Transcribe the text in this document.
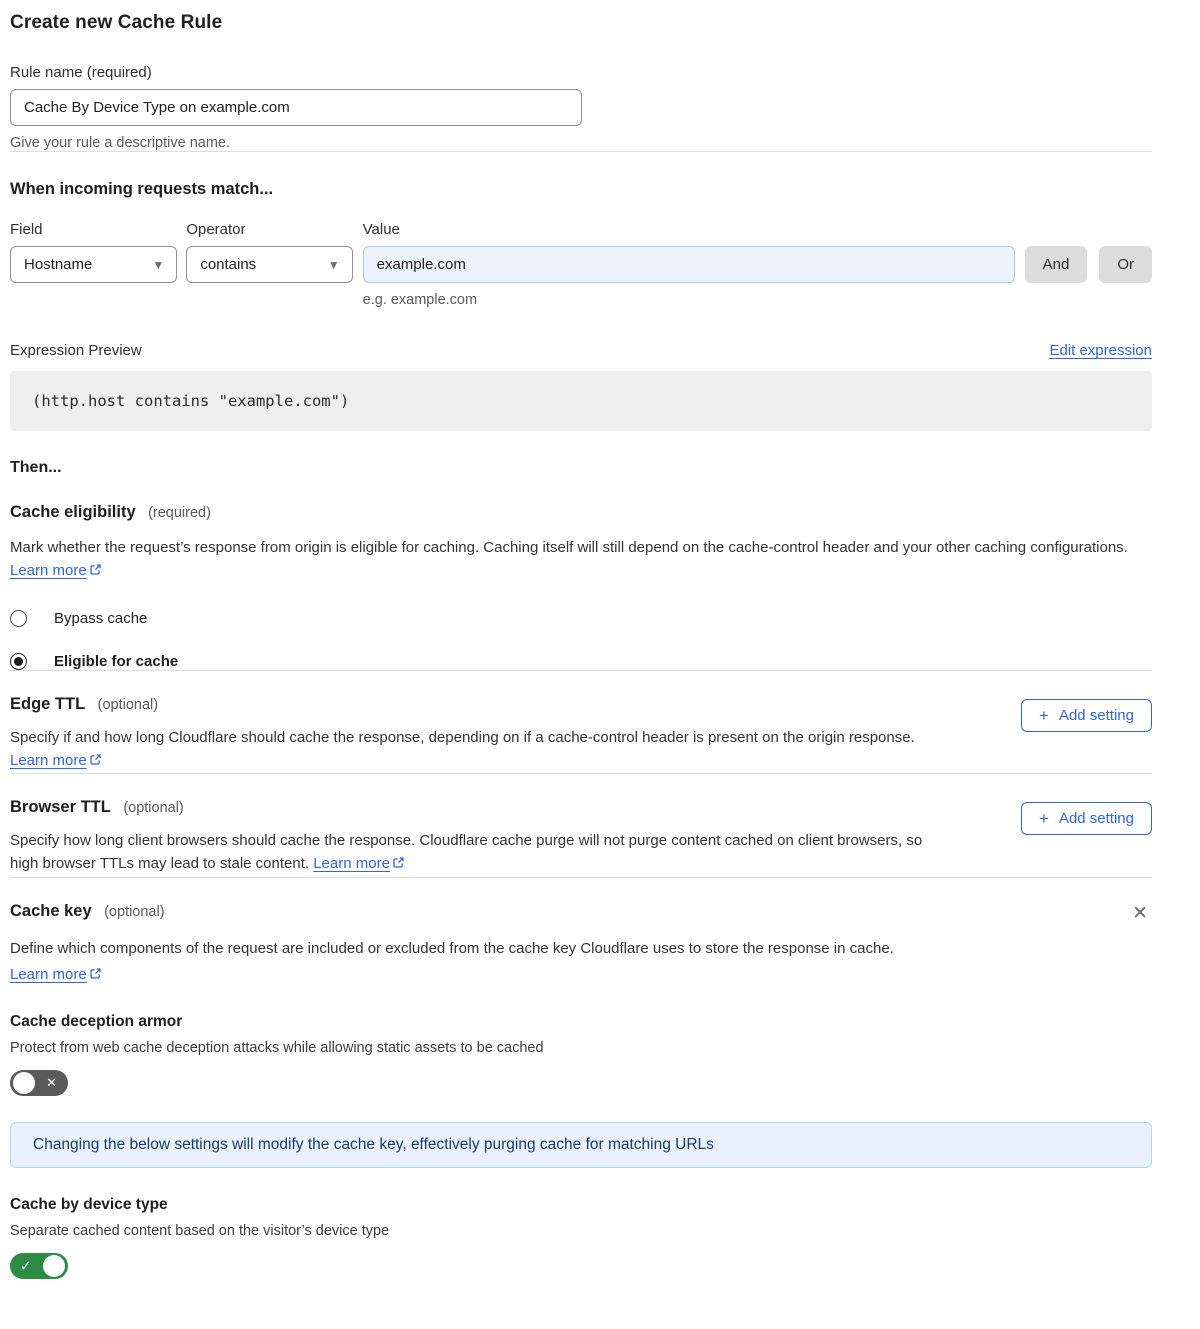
Create new Cache Rule
Rule name (required)
Cache By Device Type on example.com
Give your rule a descriptive name.
When incoming requests match...
Field
Hostname	▼
Operator
contains	▼
Value
example.com
e.g. example.com
And	Or
Expression Preview	Edit expression
(http.host contains "example.com")
Then...
Cache eligibility (required)

Mark whether the request’s response from origin is eligible for caching. Caching itself will still depend on the cache-control header and your other caching configurations. Learn more

Bypass cache
Eligible for cache
Edge TTL (optional)

Specify if and how long Cloudflare should cache the response, depending on if a cache-control header is present on the origin response. Learn more

+ Add setting
Browser TTL (optional)

Specify how long client browsers should cache the response. Cloudflare cache purge will not purge content cached on client browsers, so high browser TTLs may lead to stale content. Learn more

+ Add setting
Cache key (optional)	✕

Define which components of the request are included or excluded from the cache key Cloudflare uses to store the response in cache.

Learn more
Cache deception armor
Protect from web cache deception attacks while allowing static assets to be cached
✕
Changing the below settings will modify the cache key, effectively purging cache for matching URLs
Cache by device type
Separate cached content based on the visitor’s device type
✓
